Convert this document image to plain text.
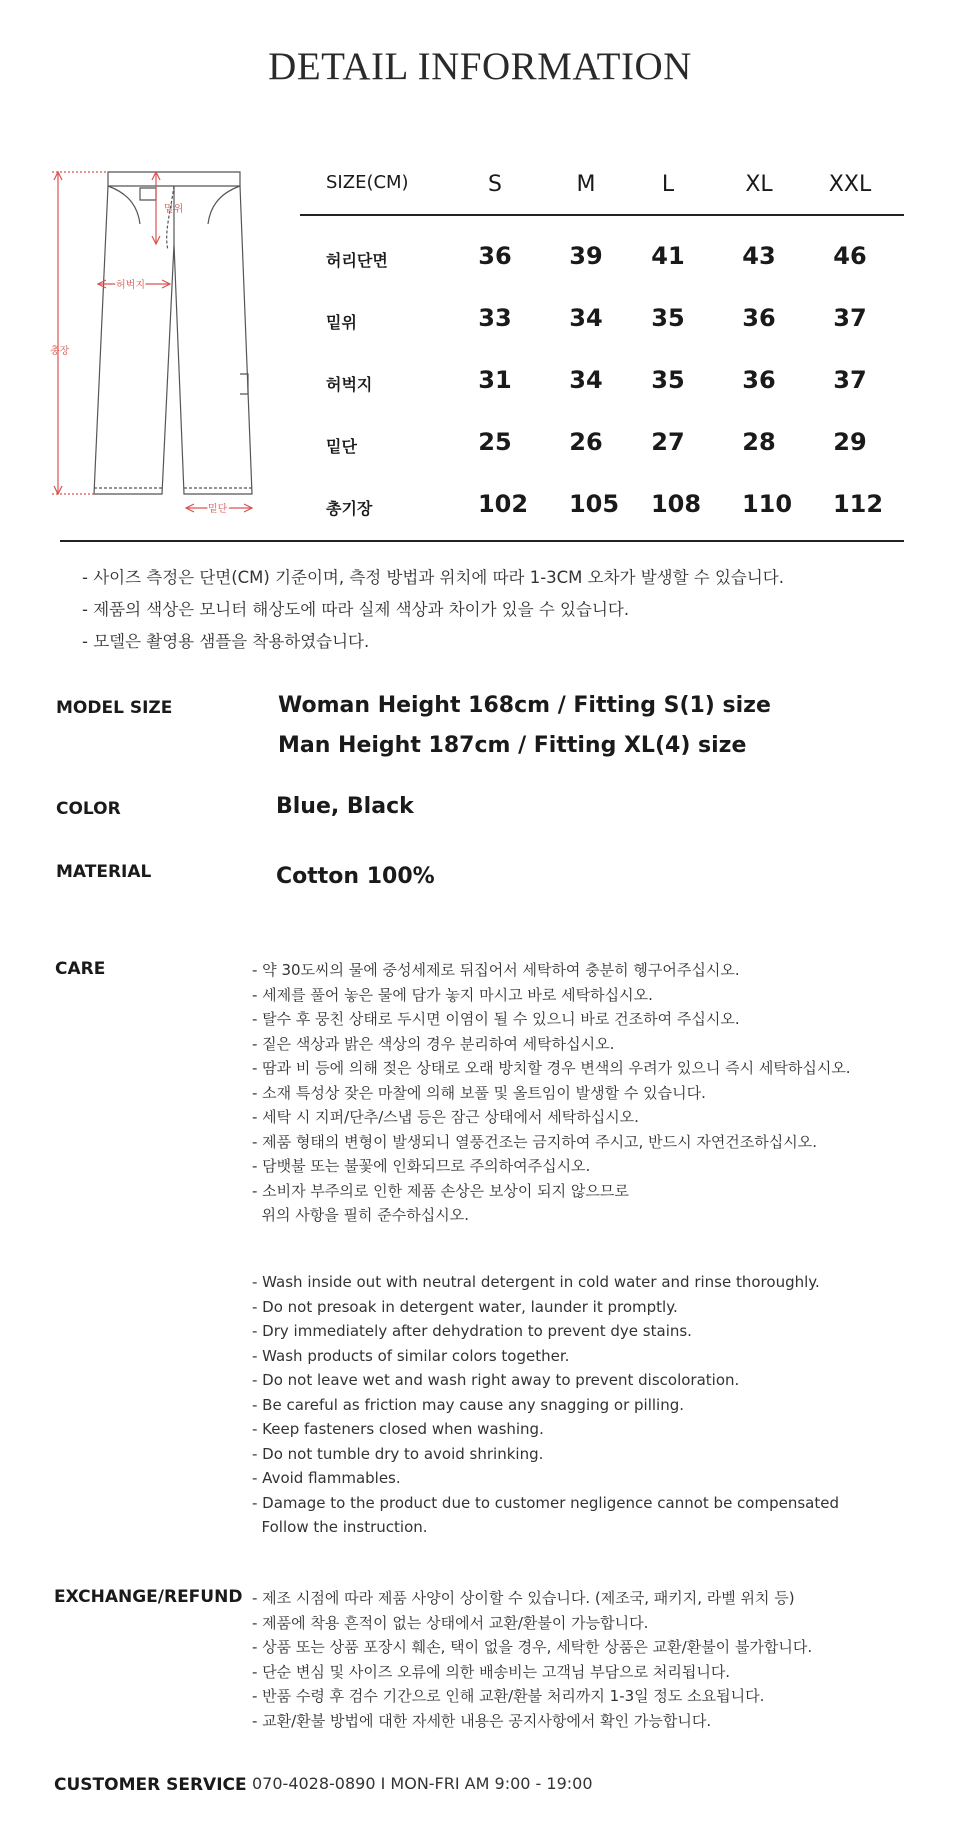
DETAIL INFORMATION
밑위
허벅지
총장
밑단
SIZE(CM)	S	M	L	XL	XXL
허리단면	36	39	41	43	46
밑위	33	34	35	36	37
허벅지	31	34	35	36	37
밑단	25	26	27	28	29
총기장	102	105	108	110	112
- 사이즈 측정은 단면(CM) 기준이며, 측정 방법과 위치에 따라 1-3CM 오차가 발생할 수 있습니다.
- 제품의 색상은 모니터 해상도에 따라 실제 색상과 차이가 있을 수 있습니다.
- 모델은 촬영용 샘플을 착용하였습니다.
MODEL SIZE	Woman Height 168cm / Fitting S(1) size
Man Height 187cm / Fitting XL(4) size
COLOR	Blue, Black
MATERIAL	Cotton 100%
CARE	- 약 30도씨의 물에 중성세제로 뒤집어서 세탁하여 충분히 헹구어주십시오.
- 세제를 풀어 놓은 물에 담가 놓지 마시고 바로 세탁하십시오.
- 탈수 후 뭉친 상태로 두시면 이염이 될 수 있으니 바로 건조하여 주십시오.
- 짙은 색상과 밝은 색상의 경우 분리하여 세탁하십시오.
- 땀과 비 등에 의해 젖은 상태로 오래 방치할 경우 변색의 우려가 있으니 즉시 세탁하십시오.
- 소재 특성상 잦은 마찰에 의해 보풀 및 올트임이 발생할 수 있습니다.
- 세탁 시 지퍼/단추/스냅 등은 잠근 상태에서 세탁하십시오.
- 제품 형태의 변형이 발생되니 열풍건조는 금지하여 주시고, 반드시 자연건조하십시오.
- 담뱃불 또는 불꽃에 인화되므로 주의하여주십시오.
- 소비자 부주의로 인한 제품 손상은 보상이 되지 않으므로
위의 사항을 필히 준수하십시오.
- Wash inside out with neutral detergent in cold water and rinse thoroughly.
- Do not presoak in detergent water, launder it promptly.
- Dry immediately after dehydration to prevent dye stains.
- Wash products of similar colors together.
- Do not leave wet and wash right away to prevent discoloration.
- Be careful as friction may cause any snagging or pilling.
- Keep fasteners closed when washing.
- Do not tumble dry to avoid shrinking.
- Avoid flammables.
- Damage to the product due to customer negligence cannot be compensated
Follow the instruction.
EXCHANGE/REFUND - 제조 시점에 따라 제품 사양이 상이할 수 있습니다. (제조국, 패키지, 라벨 위치 등)
- 제품에 착용 흔적이 없는 상태에서 교환/환불이 가능합니다.
- 상품 또는 상품 포장시 훼손, 택이 없을 경우, 세탁한 상품은 교환/환불이 불가합니다.
- 단순 변심 및 사이즈 오류에 의한 배송비는 고객님 부담으로 처리됩니다.
- 반품 수령 후 검수 기간으로 인해 교환/환불 처리까지 1-3일 정도 소요됩니다.
- 교환/환불 방법에 대한 자세한 내용은 공지사항에서 확인 가능합니다.
CUSTOMER SERVICE 070-4028-0890 I MON-FRI AM 9:00 - 19:00
